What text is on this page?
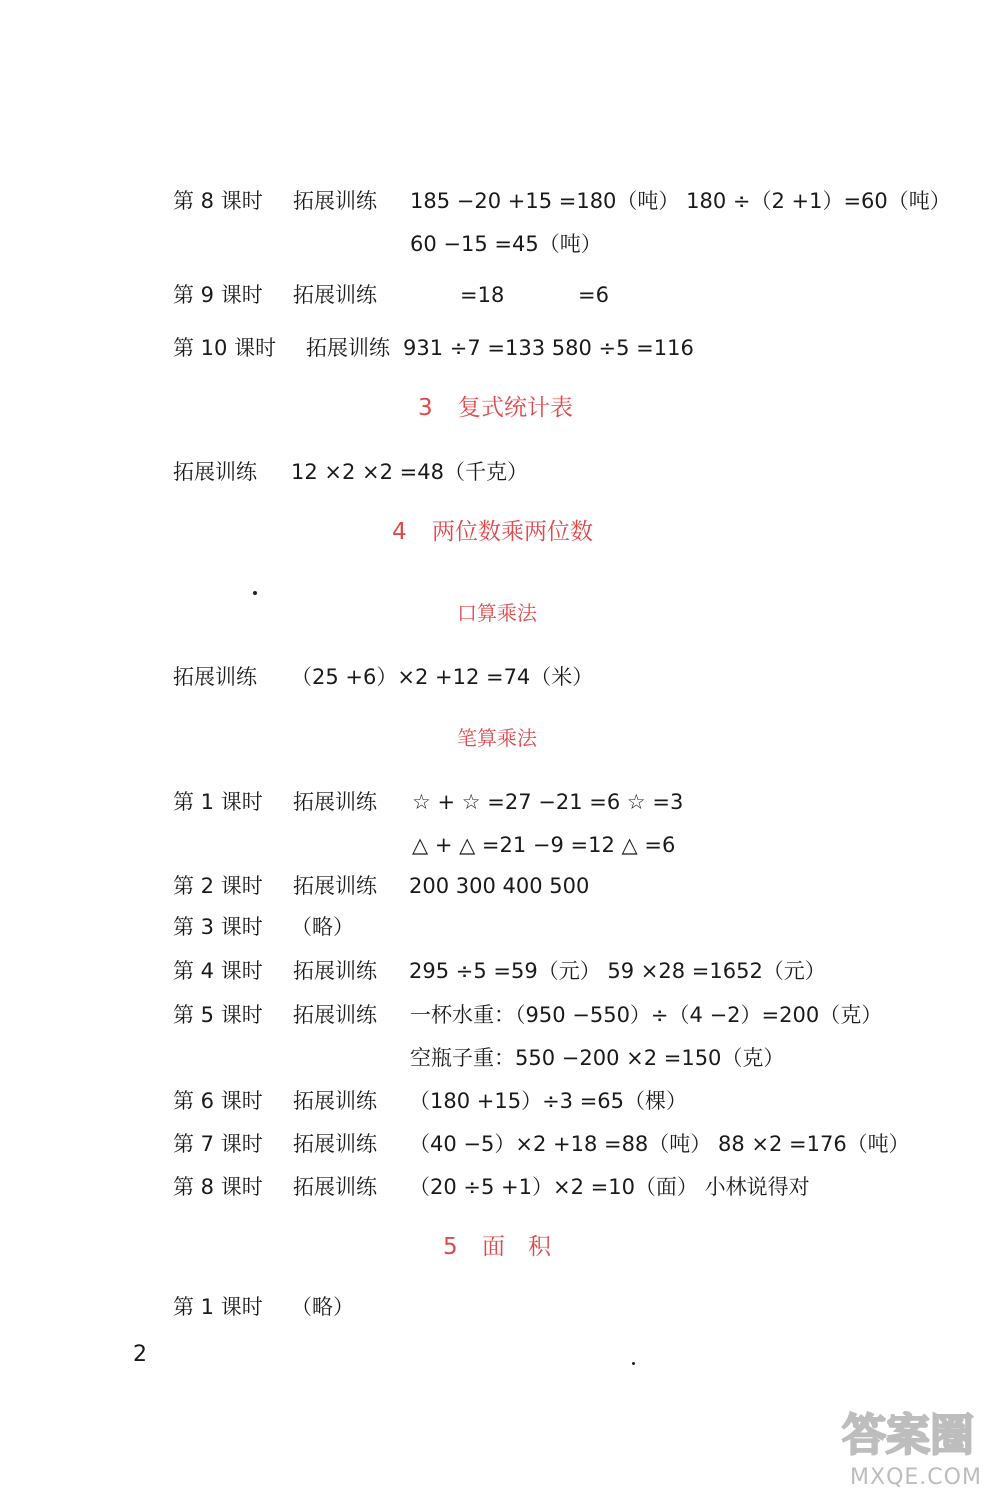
第 8 课时 拓展训练 185 −20 +15 =180（吨） 180 ÷（2 +1）=60（吨）
60 −15 =45（吨）
第 9 课时 拓展训练	=18	=6
第 10 课时 拓展训练 931 ÷7 =133 580 ÷5 =116
3 复式统计表
拓展训练 12 ×2 ×2 =48（千克）
4 两位数乘两位数
口算乘法
拓展训练 （25 +6）×2 +12 =74（米）
笔算乘法
第 1 课时 拓展训练 ☆ + ☆ =27 −21 =6 ☆ =3
△ + △ =21 −9 =12 △ =6
第 2 课时 拓展训练 200 300 400 500
第 3 课时 （略）
第 4 课时 拓展训练 295 ÷5 =59（元） 59 ×28 =1652（元）
第 5 课时 拓展训练 一杯水重：（950 −550）÷（4 −2）=200（克）
空瓶子重：550 −200 ×2 =150（克）
第 6 课时 拓展训练 （180 +15）÷3 =65（棵）
第 7 课时 拓展训练 （40 −5）×2 +18 =88（吨） 88 ×2 =176（吨）
第 8 课时 拓展训练 （20 ÷5 +1）×2 =10（面） 小林说得对
5 面　积
第 1 课时 （略）
2
答案圈
MXQE.COM
